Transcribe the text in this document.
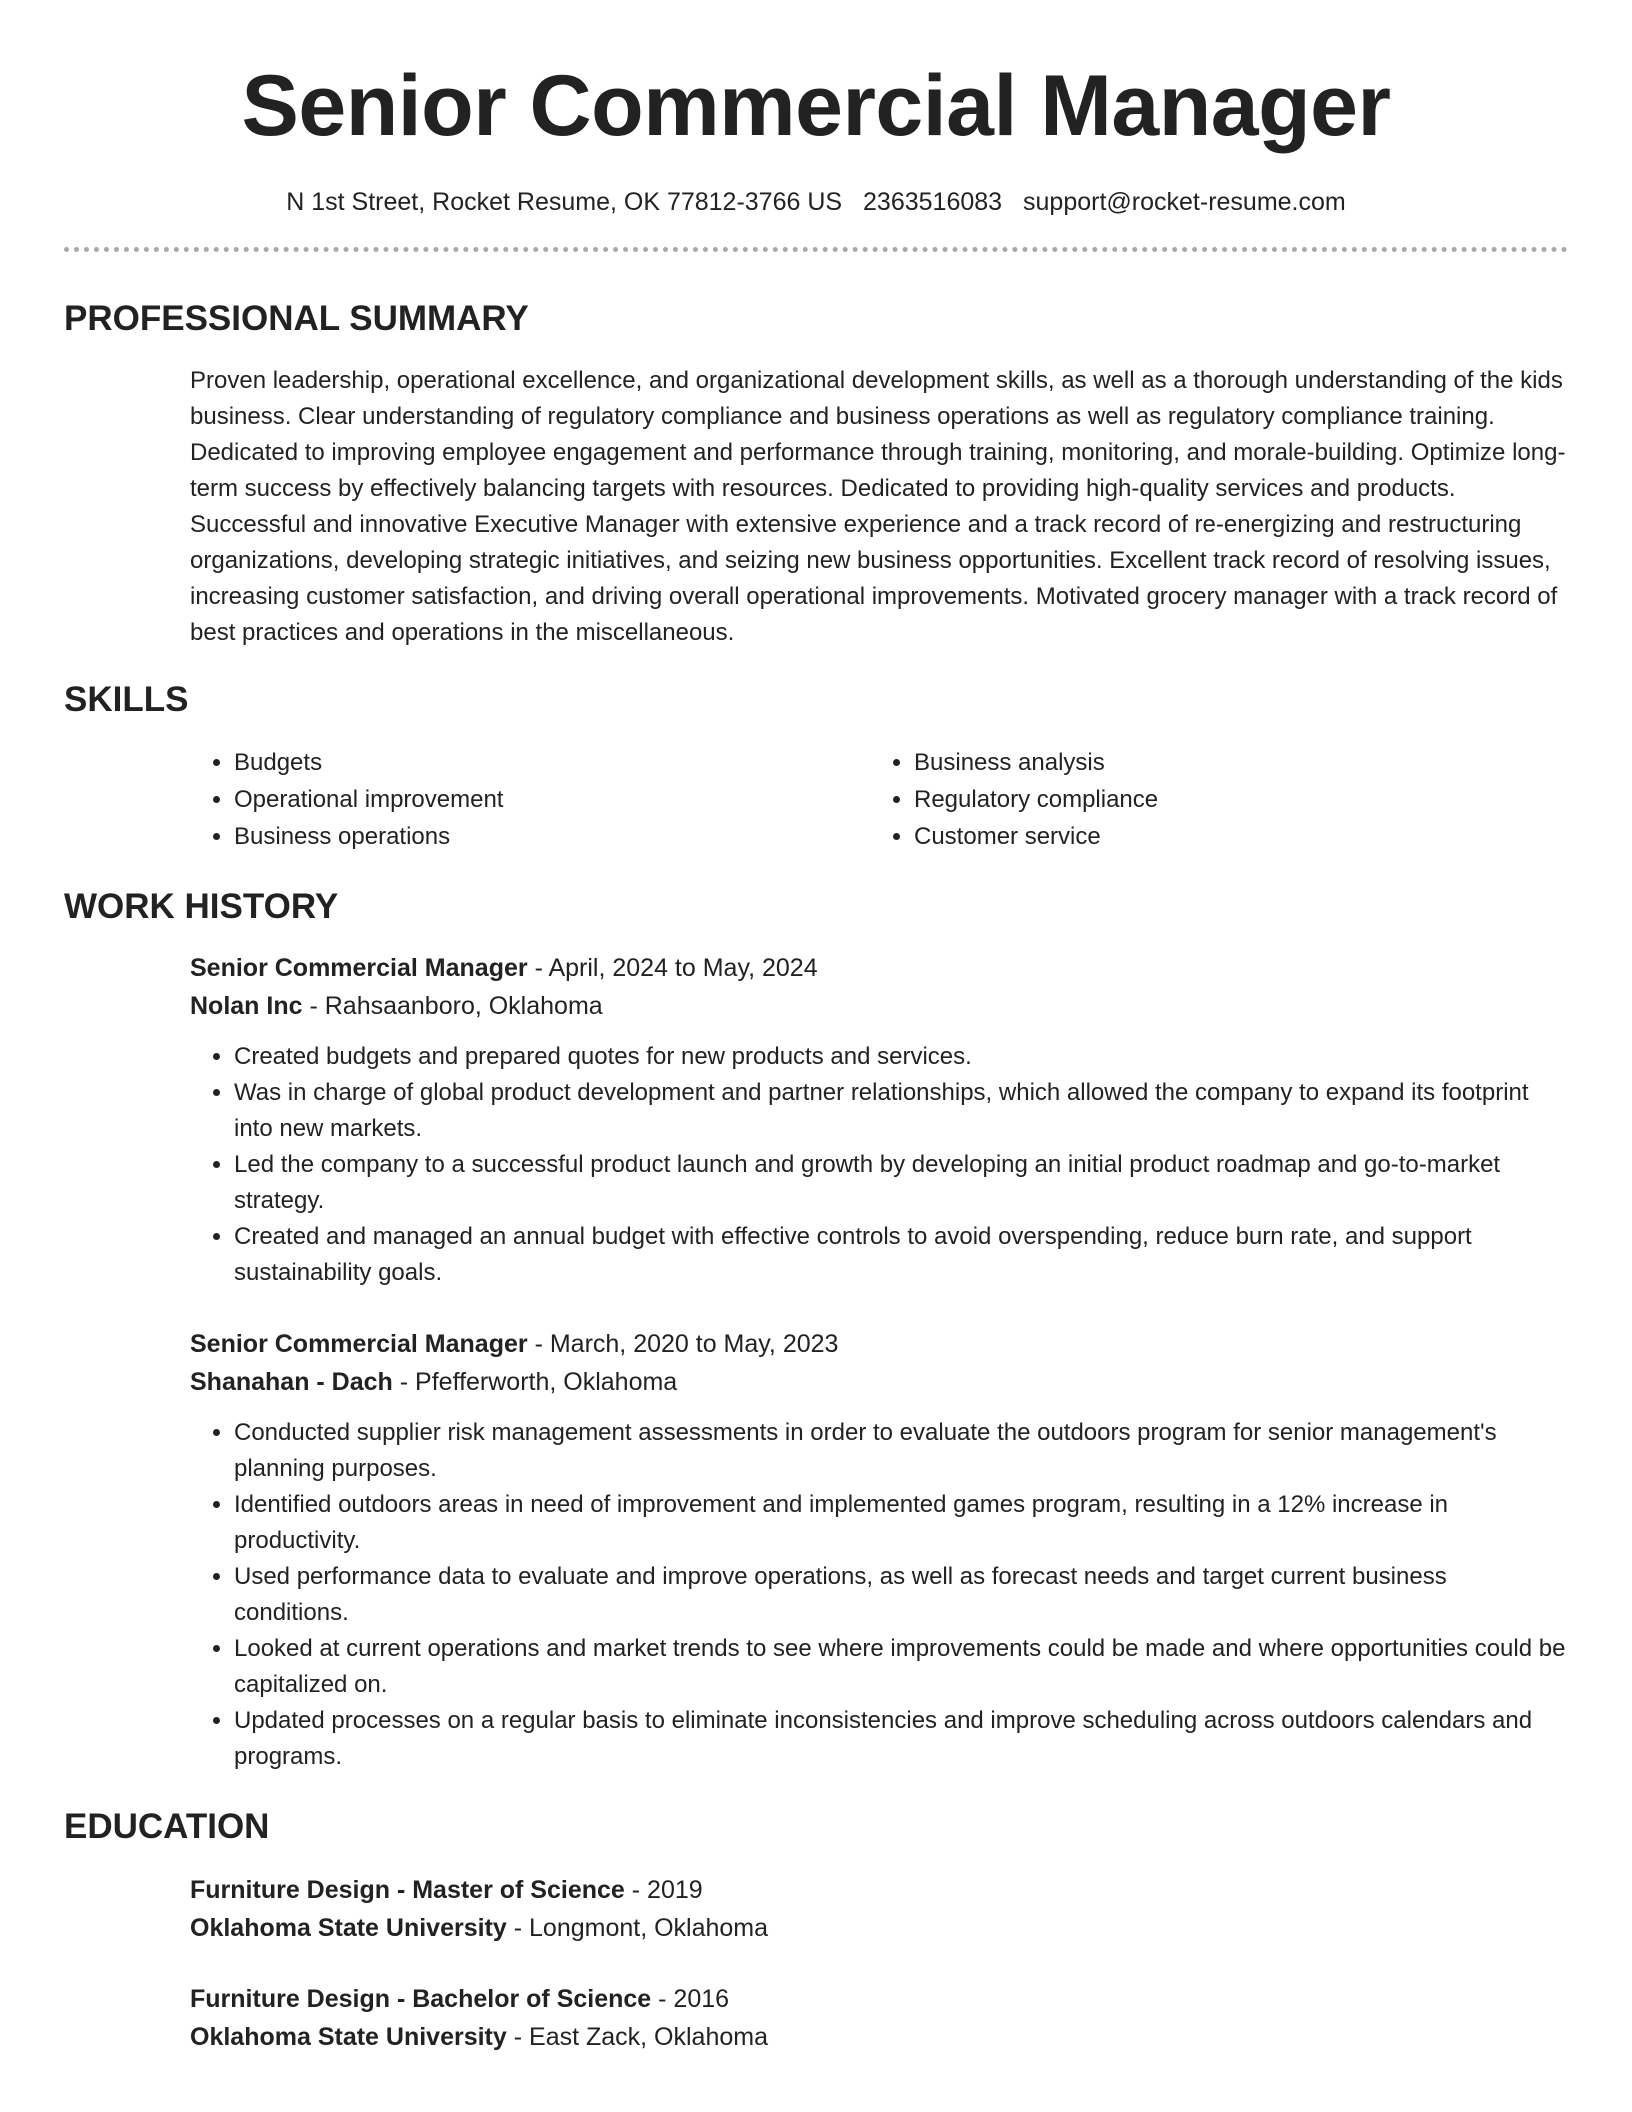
Senior Commercial Manager
N 1st Street, Rocket Resume, OK 77812-3766 US 2363516083 support@rocket-resume.com
PROFESSIONAL SUMMARY

Proven leadership, operational excellence, and organizational development skills, as well as a thorough understanding of the kids business. Clear understanding of regulatory compliance and business operations as well as regulatory compliance training. Dedicated to improving employee engagement and performance through training, monitoring, and morale-building. Optimize long-term success by effectively balancing targets with resources. Dedicated to providing high-quality services and products. Successful and innovative Executive Manager with extensive experience and a track record of re-energizing and restructuring organizations, developing strategic initiatives, and seizing new business opportunities. Excellent track record of resolving issues, increasing customer satisfaction, and driving overall operational improvements. Motivated grocery manager with a track record of best practices and operations in the miscellaneous.

SKILLS
• Budgets
• Operational improvement
• Business operations
• Business analysis
• Regulatory compliance
• Customer service
WORK HISTORY
Senior Commercial Manager - April, 2024 to May, 2024
Nolan Inc - Rahsaanboro, Oklahoma
• Created budgets and prepared quotes for new products and services.
• Was in charge of global product development and partner relationships, which allowed the company to expand its footprint into new markets.
• Led the company to a successful product launch and growth by developing an initial product roadmap and go-to-market strategy.
• Created and managed an annual budget with effective controls to avoid overspending, reduce burn rate, and support sustainability goals.
Senior Commercial Manager - March, 2020 to May, 2023
Shanahan - Dach - Pfefferworth, Oklahoma
• Conducted supplier risk management assessments in order to evaluate the outdoors program for senior management's planning purposes.
• Identified outdoors areas in need of improvement and implemented games program, resulting in a 12% increase in productivity.
• Used performance data to evaluate and improve operations, as well as forecast needs and target current business conditions.
• Looked at current operations and market trends to see where improvements could be made and where opportunities could be capitalized on.
• Updated processes on a regular basis to eliminate inconsistencies and improve scheduling across outdoors calendars and programs.
EDUCATION
Furniture Design - Master of Science - 2019
Oklahoma State University - Longmont, Oklahoma
Furniture Design - Bachelor of Science - 2016
Oklahoma State University - East Zack, Oklahoma
